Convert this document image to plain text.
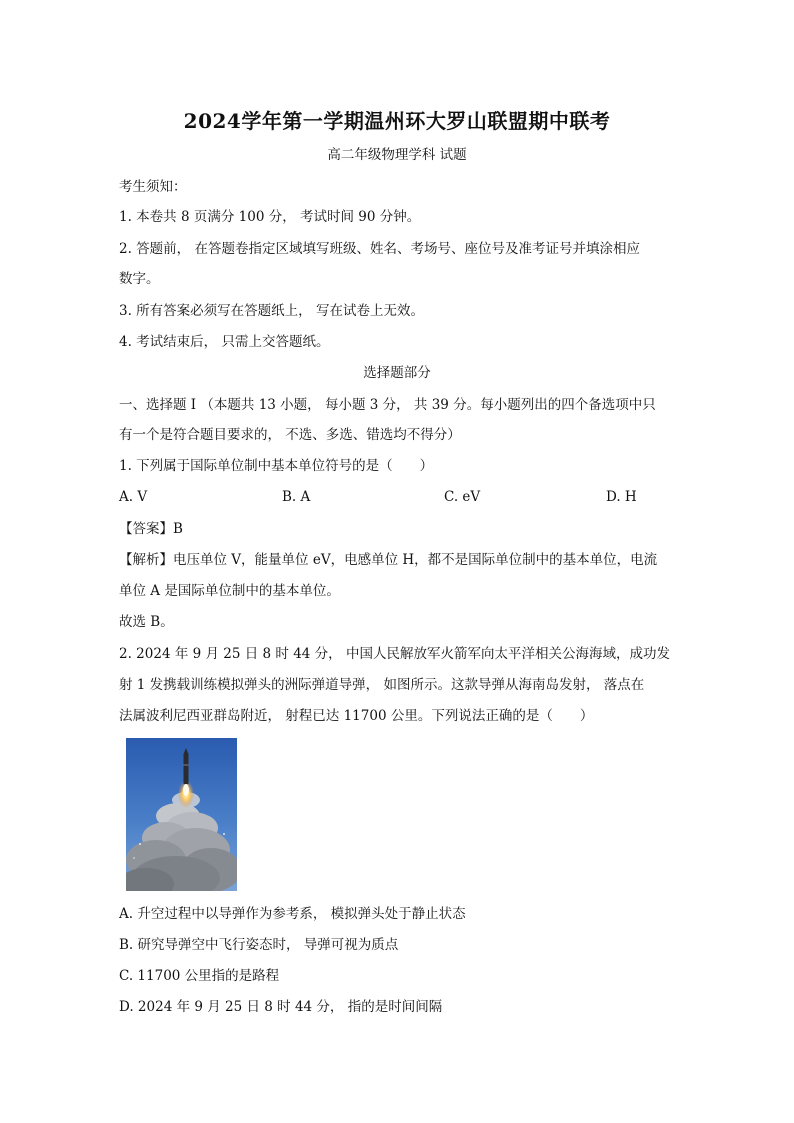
2024学年第一学期温州环大罗山联盟期中联考
高二年级物理学科 试题
考生须知：
1. 本卷共 8 页满分 100 分， 考试时间 90 分钟。
2. 答题前， 在答题卷指定区域填写班级、姓名、考场号、座位号及准考证号并填涂相应
数字。
3. 所有答案必须写在答题纸上， 写在试卷上无效。
4. 考试结束后， 只需上交答题纸。
选择题部分
一、选择题 I （本题共 13 小题， 每小题 3 分， 共 39 分。每小题列出的四个备选项中只
有一个是符合题目要求的， 不选、多选、错选均不得分）
1. 下列属于国际单位制中基本单位符号的是（　　）
A. V	B. A	C. eV	D. H
【答案】B
【解析】电压单位 V，能量单位 eV，电感单位 H，都不是国际单位制中的基本单位，电流
单位 A 是国际单位制中的基本单位。
故选 B。
2. 2024 年 9 月 25 日 8 时 44 分， 中国人民解放军火箭军向太平洋相关公海海域，成功发
射 1 发携载训练模拟弹头的洲际弹道导弹， 如图所示。这款导弹从海南岛发射， 落点在
法属波利尼西亚群岛附近， 射程已达 11700 公里。下列说法正确的是（　　）
A. 升空过程中以导弹作为参考系， 模拟弹头处于静止状态
B. 研究导弹空中飞行姿态时， 导弹可视为质点
C. 11700 公里指的是路程
D. 2024 年 9 月 25 日 8 时 44 分， 指的是时间间隔
